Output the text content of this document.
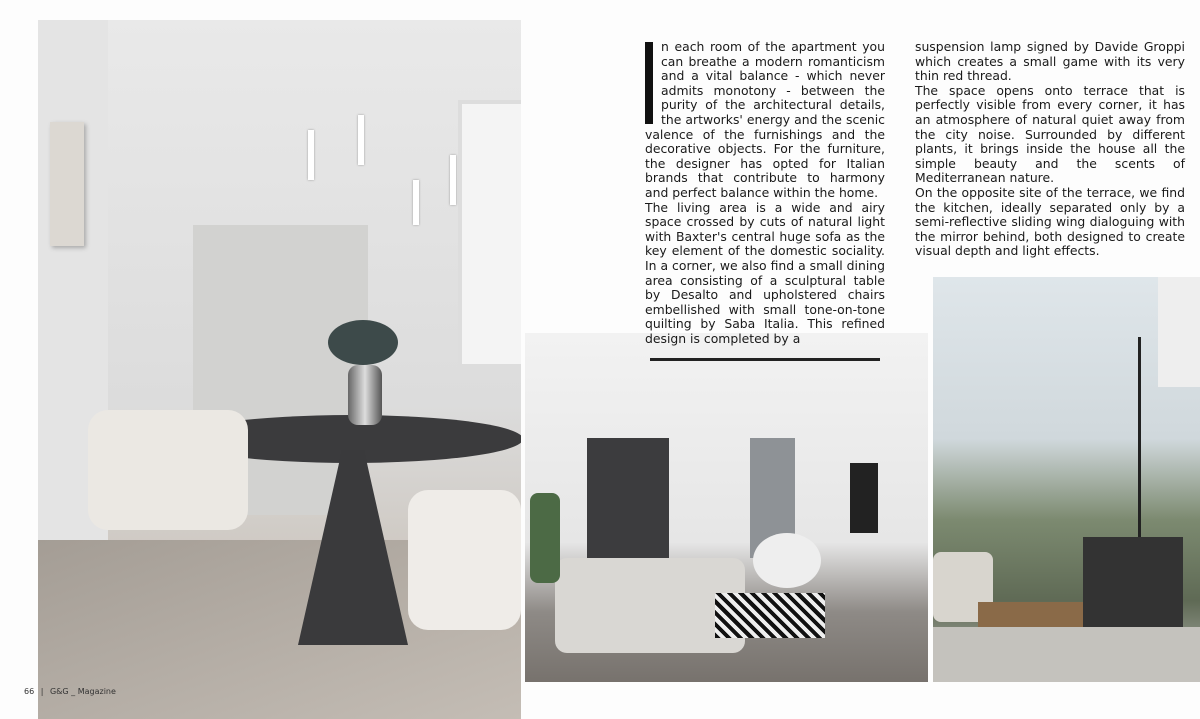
n each room of the apartment you can breathe a modern romanticism and a vital balance - which never admits monotony - between the purity of the architectural details, the artworks' energy and the scenic valence of the furnishings and the decorative objects. For the furniture, the designer has opted for Italian brands that contribute to harmony and perfect balance within the home.

The living area is a wide and airy space crossed by cuts of natural light with Baxter's central huge sofa as the key element of the domestic sociality. In a corner, we also find a small dining area consisting of a sculptural table by Desalto and upholstered chairs embellished with small tone-on-tone quilting by Saba Italia. This refined design is completed by a

suspension lamp signed by Davide Groppi which creates a small game with its very thin red thread.

The space opens onto terrace that is perfectly visible from every corner, it has an atmosphere of natural quiet away from the city noise. Surrounded by different plants, it brings inside the house all the simple beauty and the scents of Mediterranean nature.

On the opposite site of the terrace, we find the kitchen, ideally separated only by a semi-reflective sliding wing dialoguing with the mirror behind, both designed to create visual depth and light effects.

66 | G&G _ Magazine
